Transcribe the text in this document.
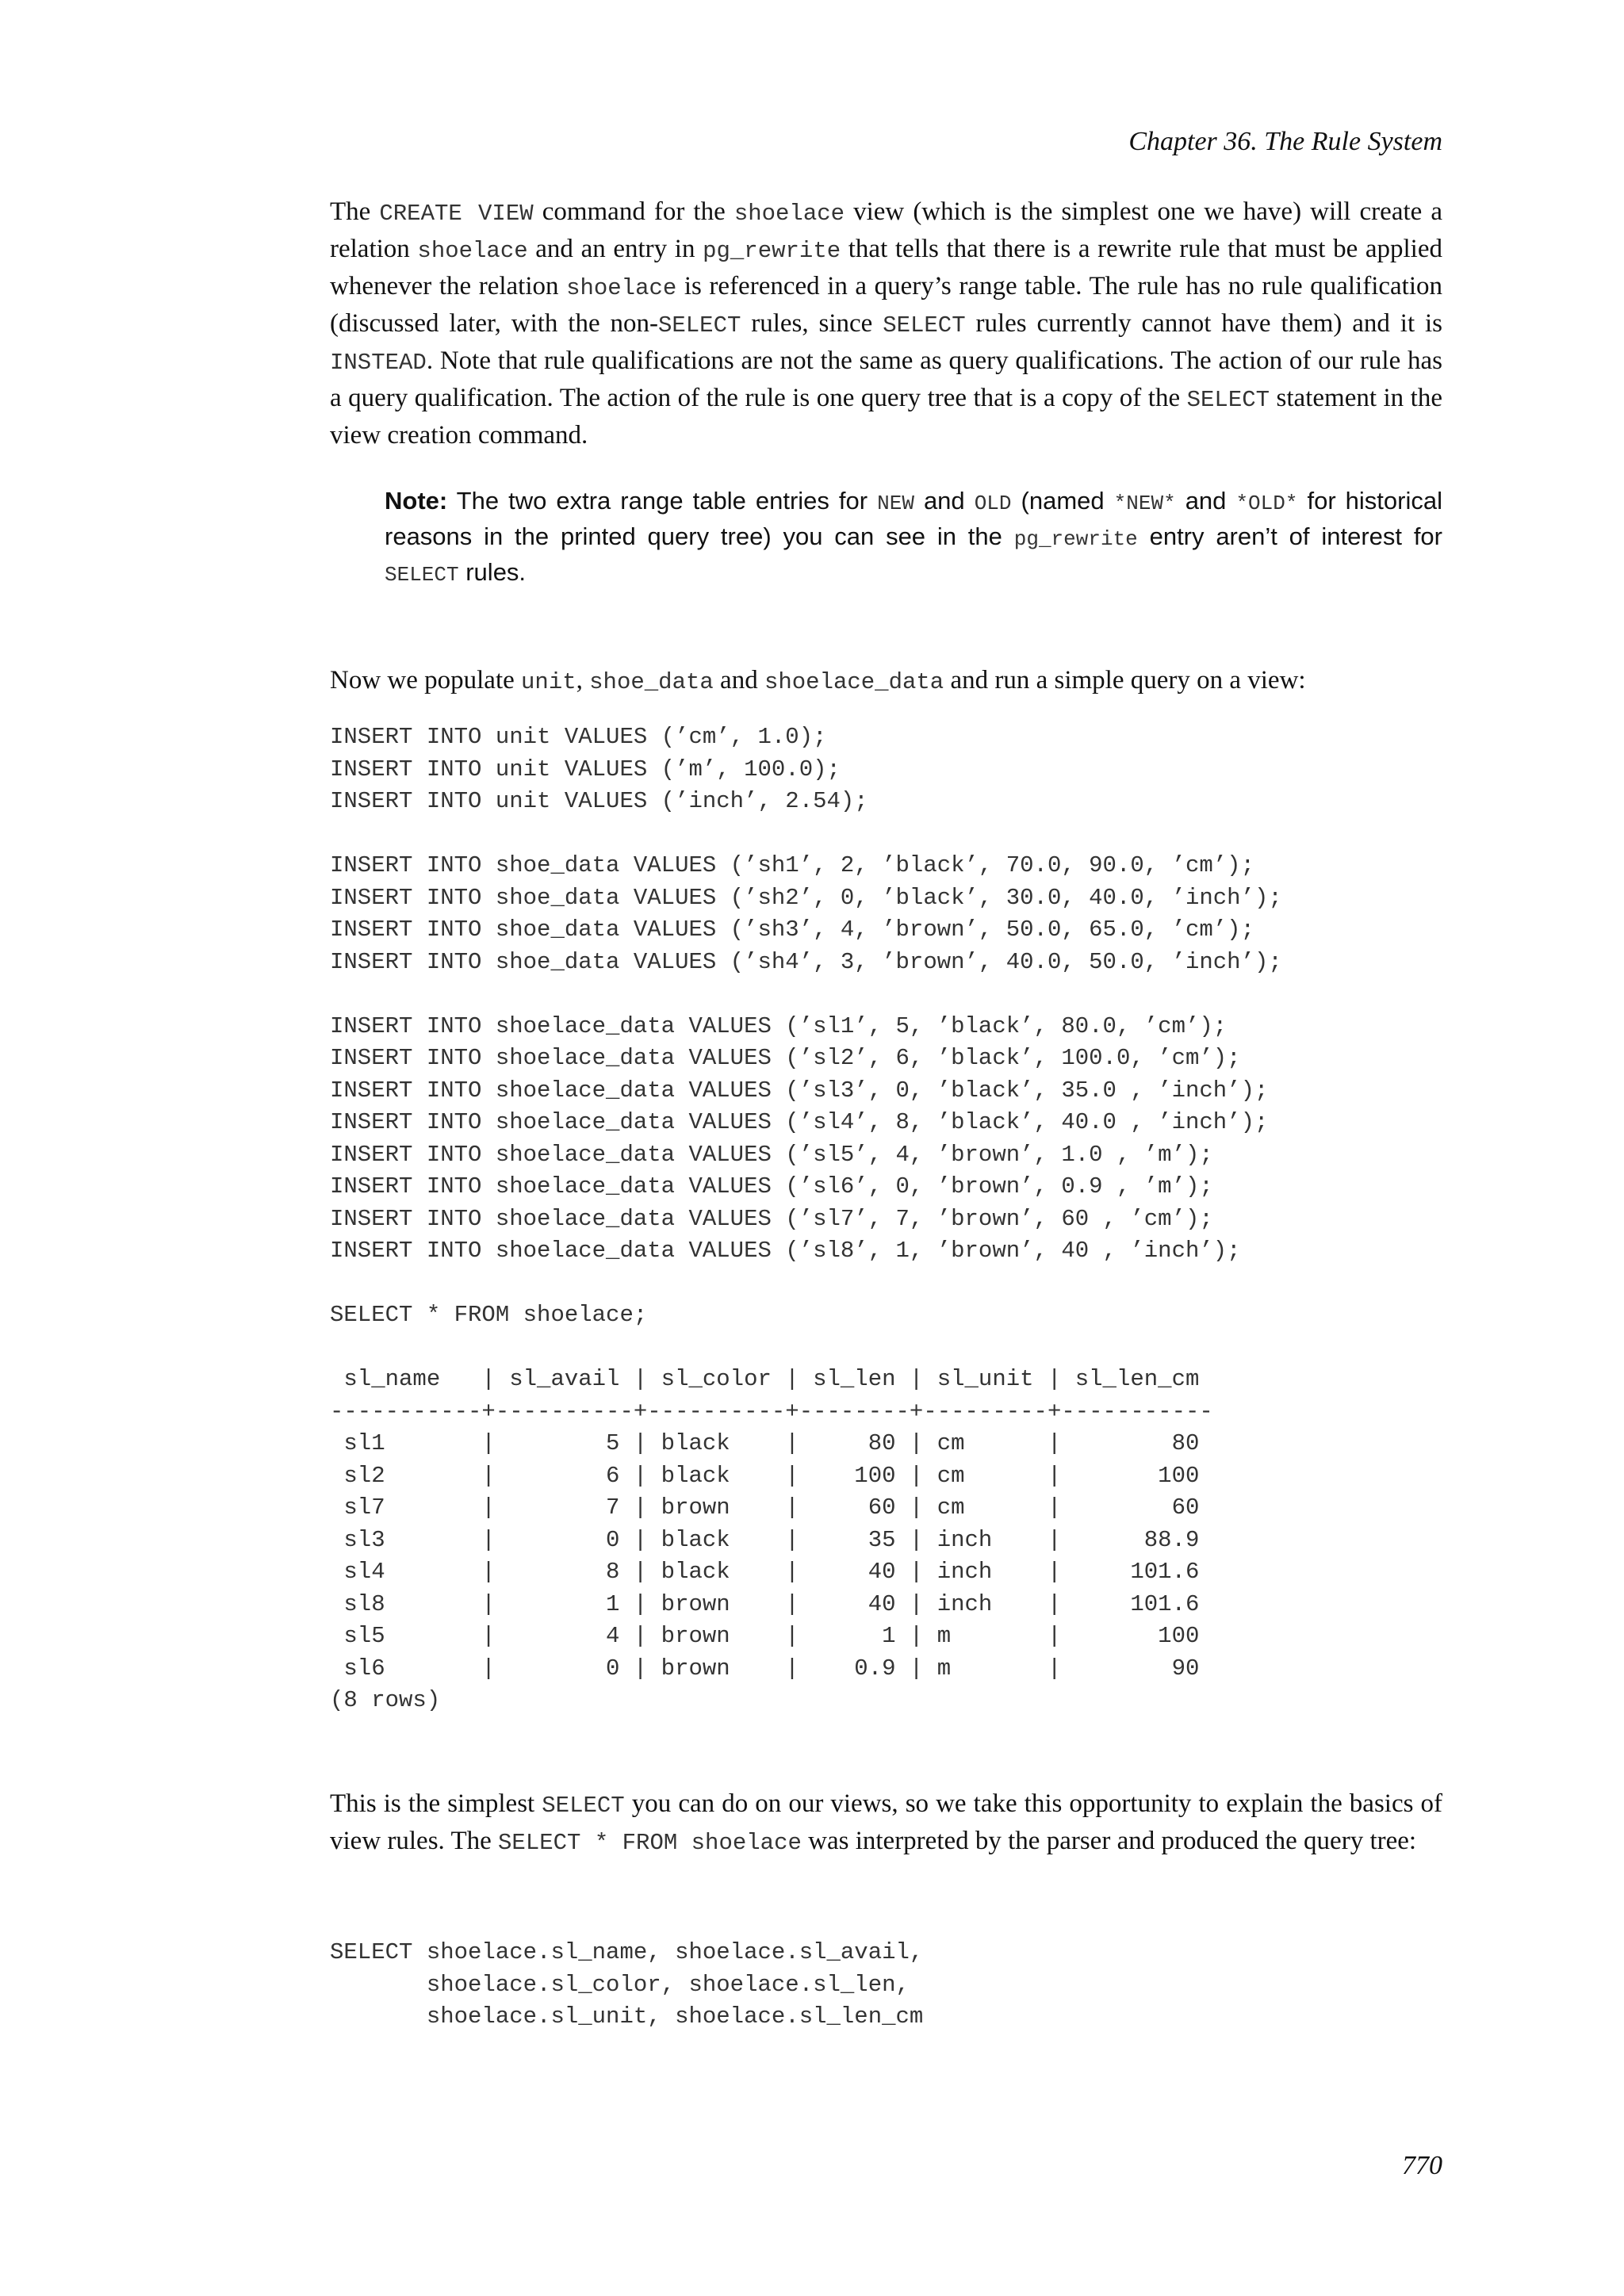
Chapter 36. The Rule System
The CREATE VIEW command for the shoelace view (which is the simplest one we have) will create a relation shoelace and an entry in pg_rewrite that tells that there is a rewrite rule that must be applied whenever the relation shoelace is referenced in a query’s range table. The rule has no rule qualification (discussed later, with the non-SELECT rules, since SELECT rules currently cannot have them) and it is INSTEAD. Note that rule qualifications are not the same as query qualifications. The action of our rule has a query qualification. The action of the rule is one query tree that is a copy of the SELECT statement in the view creation command.
Note: The two extra range table entries for NEW and OLD (named *NEW* and *OLD* for historical reasons in the printed query tree) you can see in the pg_rewrite entry aren’t of interest for SELECT rules.
Now we populate unit, shoe_data and shoelace_data and run a simple query on a view:
INSERT INTO unit VALUES (’cm’, 1.0);
INSERT INTO unit VALUES (’m’, 100.0);
INSERT INTO unit VALUES (’inch’, 2.54);
INSERT INTO shoe_data VALUES (’sh1’, 2, ’black’, 70.0, 90.0, ’cm’);
INSERT INTO shoe_data VALUES (’sh2’, 0, ’black’, 30.0, 40.0, ’inch’);
INSERT INTO shoe_data VALUES (’sh3’, 4, ’brown’, 50.0, 65.0, ’cm’);
INSERT INTO shoe_data VALUES (’sh4’, 3, ’brown’, 40.0, 50.0, ’inch’);
INSERT INTO shoelace_data VALUES (’sl1’, 5, ’black’, 80.0, ’cm’);
INSERT INTO shoelace_data VALUES (’sl2’, 6, ’black’, 100.0, ’cm’);
INSERT INTO shoelace_data VALUES (’sl3’, 0, ’black’, 35.0 , ’inch’);
INSERT INTO shoelace_data VALUES (’sl4’, 8, ’black’, 40.0 , ’inch’);
INSERT INTO shoelace_data VALUES (’sl5’, 4, ’brown’, 1.0 , ’m’);
INSERT INTO shoelace_data VALUES (’sl6’, 0, ’brown’, 0.9 , ’m’);
INSERT INTO shoelace_data VALUES (’sl7’, 7, ’brown’, 60 , ’cm’);
INSERT INTO shoelace_data VALUES (’sl8’, 1, ’brown’, 40 , ’inch’);
SELECT * FROM shoelace;
sl_name   | sl_avail | sl_color | sl_len | sl_unit | sl_len_cm
-----------+----------+----------+--------+---------+-----------
sl1       |        5 | black    |     80 | cm      |        80
sl2       |        6 | black    |    100 | cm      |       100
sl7       |        7 | brown    |     60 | cm      |        60
sl3       |        0 | black    |     35 | inch    |      88.9
sl4       |        8 | black    |     40 | inch    |     101.6
sl8       |        1 | brown    |     40 | inch    |     101.6
sl5       |        4 | brown    |      1 | m       |       100
sl6       |        0 | brown    |    0.9 | m       |        90
(8 rows)
This is the simplest SELECT you can do on our views, so we take this opportunity to explain the basics of view rules. The SELECT * FROM shoelace was interpreted by the parser and produced the query tree:
SELECT shoelace.sl_name, shoelace.sl_avail,
shoelace.sl_color, shoelace.sl_len,
shoelace.sl_unit, shoelace.sl_len_cm
770
